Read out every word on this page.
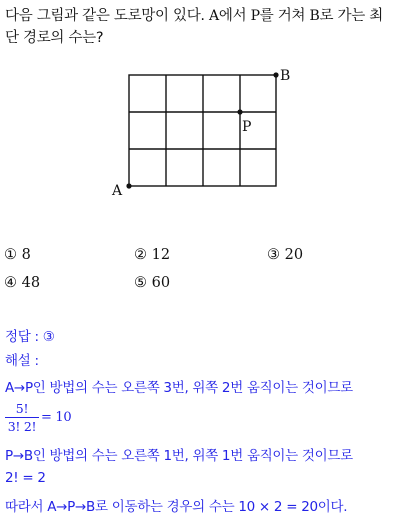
다음 그림과 같은 도로망이 있다. A에서 P를 거쳐 B로 가는 최
단 경로의 수는?
A
B
P
① 8	② 12	③ 20
④ 48	⑤ 60
정답 : ③
해설 :
A→P인 방법의 수는 오른쪽 3번, 위쪽 2번 움직이는 것이므로
5!
3! 2!
= 10
P→B인 방법의 수는 오른쪽 1번, 위쪽 1번 움직이는 것이므로
2! = 2
따라서 A→P→B로 이동하는 경우의 수는 10 × 2 = 20이다.
